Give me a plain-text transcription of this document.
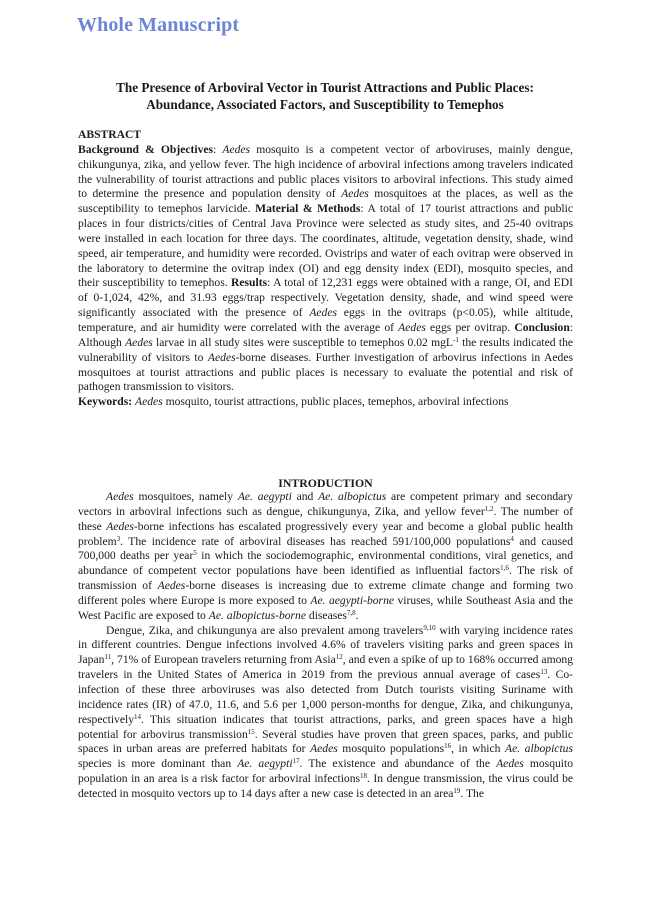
Whole Manuscript
The Presence of Arboviral Vector in Tourist Attractions and Public Places:
Abundance, Associated Factors, and Susceptibility to Temephos
ABSTRACT

Background & Objectives: Aedes mosquito is a competent vector of arboviruses, mainly dengue, chikungunya, zika, and yellow fever. The high incidence of arboviral infections among travelers indicated the vulnerability of tourist attractions and public places visitors to arboviral infections. This study aimed to determine the presence and population density of Aedes mosquitoes at the places, as well as the susceptibility to temephos larvicide. Material & Methods: A total of 17 tourist attractions and public places in four districts/cities of Central Java Province were selected as study sites, and 25-40 ovitraps were installed in each location for three days. The coordinates, altitude, vegetation density, shade, wind speed, air temperature, and humidity were recorded. Ovistrips and water of each ovitrap were observed in the laboratory to determine the ovitrap index (OI) and egg density index (EDI), mosquito species, and their susceptibility to temephos. Results: A total of 12,231 eggs were obtained with a range, OI, and EDI of 0-1,024, 42%, and 31.93 eggs/trap respectively. Vegetation density, shade, and wind speed were significantly associated with the presence of Aedes eggs in the ovitraps (p<0.05), while altitude, temperature, and air humidity were correlated with the average of Aedes eggs per ovitrap. Conclusion: Although Aedes larvae in all study sites were susceptible to temephos 0.02 mgL$^{-1}$ the results indicated the vulnerability of visitors to Aedes-borne diseases. Further investigation of arbovirus infections in Aedes mosquitoes at tourist attractions and public places is necessary to evaluate the potential and risk of pathogen transmission to visitors.

Keywords: Aedes mosquito, tourist attractions, public places, temephos, arboviral infections

INTRODUCTION

Aedes mosquitoes, namely Ae. aegypti and Ae. albopictus are competent primary and secondary vectors in arboviral infections such as dengue, chikungunya, Zika, and yellow fever$^{1,2}$. The number of these Aedes-borne infections has escalated progressively every year and become a global public health problem$^3$. The incidence rate of arboviral diseases has reached 591/100,000 populations$^4$ and caused 700,000 deaths per year$^5$ in which the sociodemographic, environmental conditions, viral genetics, and abundance of competent vector populations have been identified as influential factors$^{1,6}$. The risk of transmission of Aedes-borne diseases is increasing due to extreme climate change and forming two different poles where Europe is more exposed to Ae. aegypti-borne viruses, while Southeast Asia and the West Pacific are exposed to Ae. albopictus-borne diseases$^{7,8}$.

Dengue, Zika, and chikungunya are also prevalent among travelers$^{9,10}$ with varying incidence rates in different countries. Dengue infections involved 4.6% of travelers visiting parks and green spaces in Japan$^{11}$, 71% of European travelers returning from Asia$^{12}$, and even a spike of up to 168% occurred among travelers in the United States of America in 2019 from the previous annual average of cases$^{13}$. Co-infection of these three arboviruses was also detected from Dutch tourists visiting Suriname with incidence rates (IR) of 47.0, 11.6, and 5.6 per 1,000 person-months for dengue, Zika, and chikungunya, respectively$^{14}$. This situation indicates that tourist attractions, parks, and green spaces have a high potential for arbovirus transmission$^{15}$. Several studies have proven that green spaces, parks, and public spaces in urban areas are preferred habitats for Aedes mosquito populations$^{16}$, in which Ae. albopictus species is more dominant than Ae. aegypti$^{17}$. The existence and abundance of the Aedes mosquito population in an area is a risk factor for arboviral infections$^{18}$. In dengue transmission, the virus could be detected in mosquito vectors up to 14 days after a new case is detected in an area$^{19}$. The
